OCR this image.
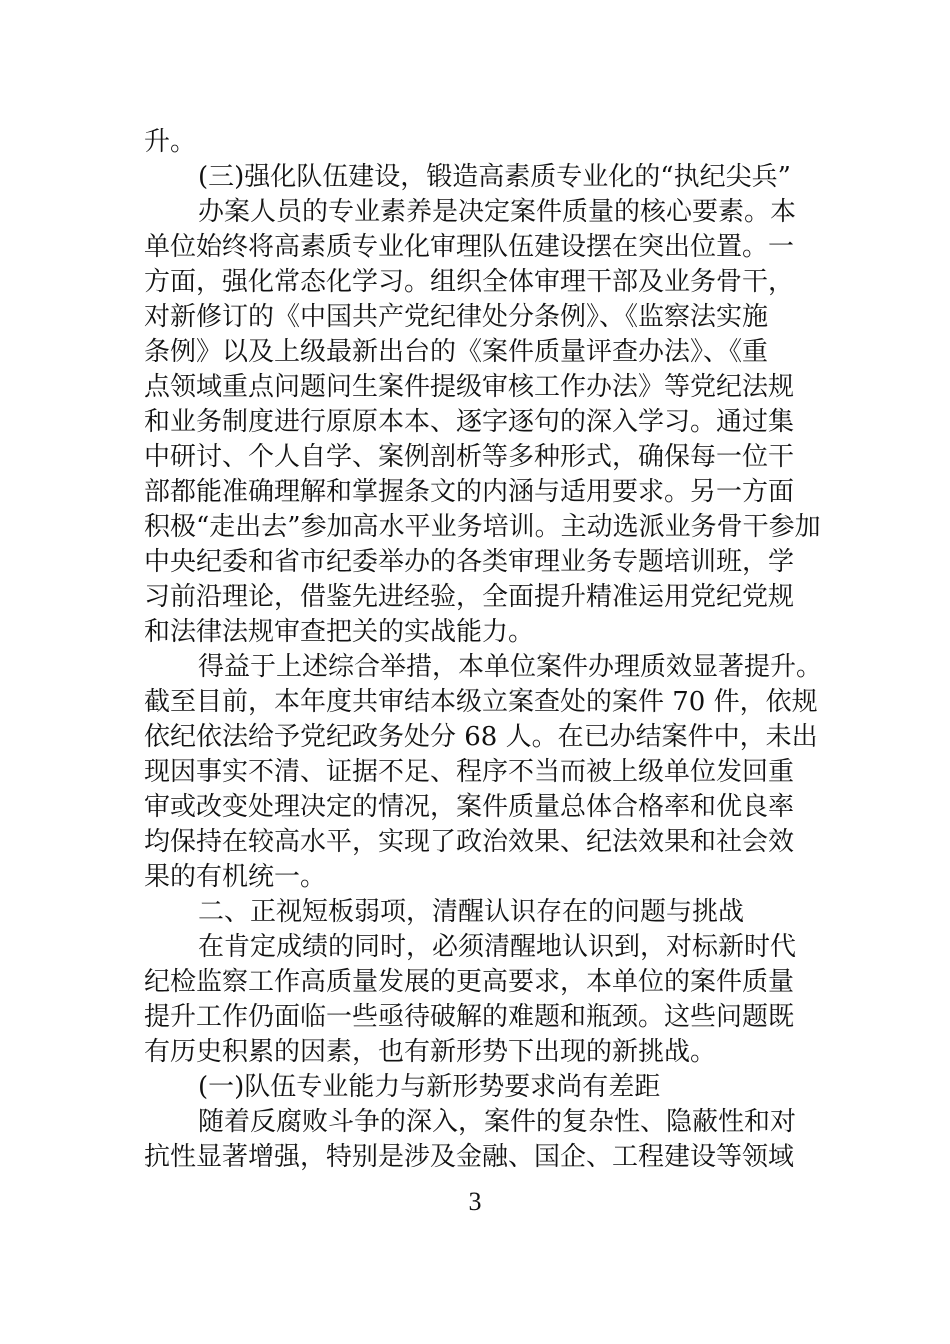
升。
(三)强化队伍建设，锻造高素质专业化的“执纪尖兵”
办案人员的专业素养是决定案件质量的核心要素。本
单位始终将高素质专业化审理队伍建设摆在突出位置。一
方面，强化常态化学习。组织全体审理干部及业务骨干，
对新修订的《中国共产党纪律处分条例》、《监察法实施
条例》以及上级最新出台的《案件质量评查办法》、《重
点领域重点问题问生案件提级审核工作办法》等党纪法规
和业务制度进行原原本本、逐字逐句的深入学习。通过集
中研讨、个人自学、案例剖析等多种形式，确保每一位干
部都能准确理解和掌握条文的内涵与适用要求。另一方面
积极“走出去”参加高水平业务培训。主动选派业务骨干参加
中央纪委和省市纪委举办的各类审理业务专题培训班，学
习前沿理论，借鉴先进经验，全面提升精准运用党纪党规
和法律法规审查把关的实战能力。
得益于上述综合举措，本单位案件办理质效显著提升。
截至目前，本年度共审结本级立案查处的案件 70 件，依规
依纪依法给予党纪政务处分 68 人。在已办结案件中，未出
现因事实不清、证据不足、程序不当而被上级单位发回重
审或改变处理决定的情况，案件质量总体合格率和优良率
均保持在较高水平，实现了政治效果、纪法效果和社会效
果的有机统一。
二、正视短板弱项，清醒认识存在的问题与挑战
在肯定成绩的同时，必须清醒地认识到，对标新时代
纪检监察工作高质量发展的更高要求，本单位的案件质量
提升工作仍面临一些亟待破解的难题和瓶颈。这些问题既
有历史积累的因素，也有新形势下出现的新挑战。
(一)队伍专业能力与新形势要求尚有差距
随着反腐败斗争的深入，案件的复杂性、隐蔽性和对
抗性显著增强，特别是涉及金融、国企、工程建设等领域
3
